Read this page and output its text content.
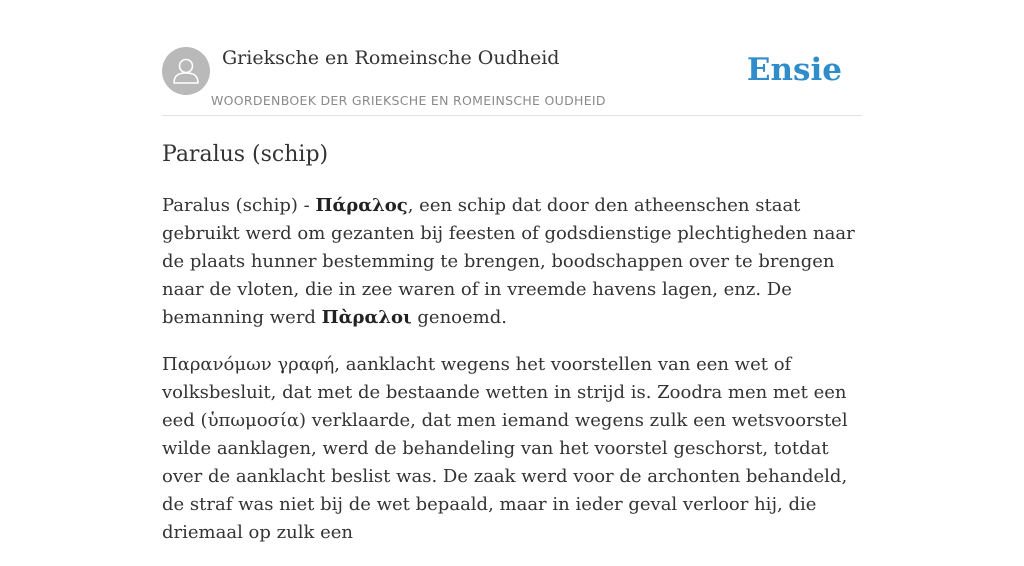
Grieksche en Romeinsche Oudheid
WOORDENBOEK DER GRIEKSCHE EN ROMEINSCHE OUDHEID
Ensie
Paralus (schip)

Paralus (schip) - Πάραλος, een schip dat door den atheenschen staat gebruikt werd om gezanten bij feesten of godsdienstige plechtigheden naar de plaats hunner bestemming te brengen, boodschappen over te brengen naar de vloten, die in zee waren of in vreemde havens lagen, enz. De bemanning werd Πὰραλοι genoemd.

Παρανόμων γραφή, aanklacht wegens het voorstellen van een wet of volksbesluit, dat met de bestaande wetten in strijd is. Zoodra men met een eed (ὑπωμοσία) verklaarde, dat men iemand wegens zulk een wetsvoorstel wilde aanklagen, werd de behandeling van het voorstel geschorst, totdat over de aanklacht beslist was. De zaak werd voor de archonten behandeld, de straf was niet bij de wet bepaald, maar in ieder geval verloor hij, die driemaal op zulk een
